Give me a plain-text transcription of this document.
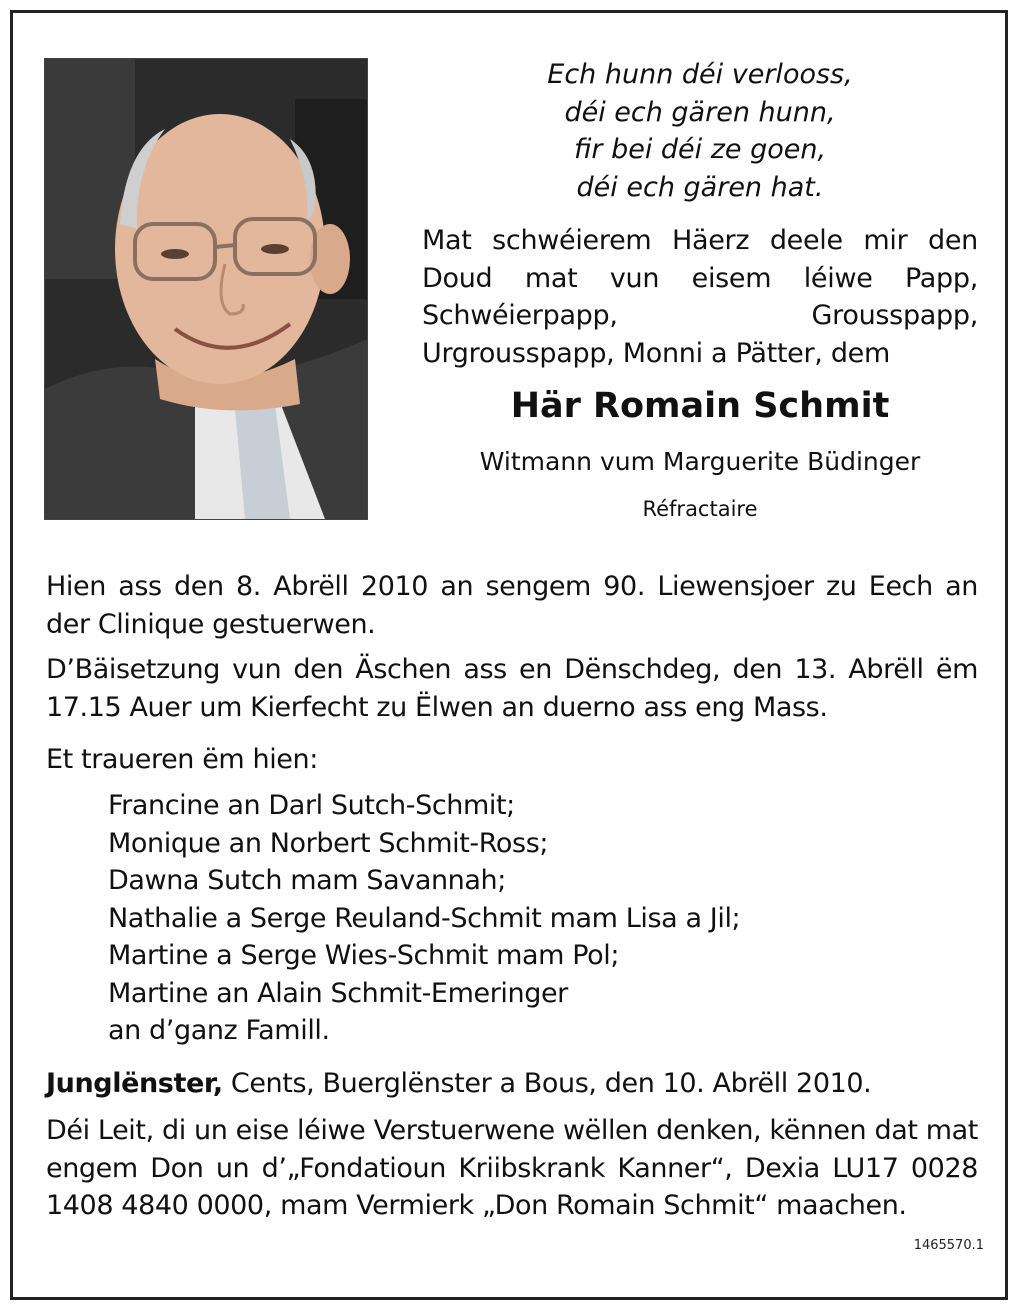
Ech hunn déi verlooss,
déi ech gären hunn,
fir bei déi ze goen,
déi ech gären hat.
Mat schwéierem Häerz deele mir den Doud mat vun eisem léiwe Papp, Schwéierpapp, Grousspapp, Urgrousspapp, Monni a Pätter, dem
Här Romain Schmit
Witmann vum Marguerite Büdinger
Réfractaire
Hien ass den 8. Abrëll 2010 an sengem 90. Liewensjoer zu Eech an der Clinique gestuerwen.
D’Bäisetzung vun den Äschen ass en Dënschdeg, den 13. Abrëll ëm 17.15 Auer um Kierfecht zu Ëlwen an duerno ass eng Mass.
Et traueren ëm hien:
Francine an Darl Sutch-Schmit;
Monique an Norbert Schmit-Ross;
Dawna Sutch mam Savannah;
Nathalie a Serge Reuland-Schmit mam Lisa a Jil;
Martine a Serge Wies-Schmit mam Pol;
Martine an Alain Schmit-Emeringer
an d’ganz Famill.
Junglënster, Cents, Buerglënster a Bous, den 10. Abrëll 2010.
Déi Leit, di un eise léiwe Verstuerwene wëllen denken, kënnen dat mat engem Don un d’„Fondatioun Kriibskrank Kanner“, Dexia LU17 0028 1408 4840 0000, mam Vermierk „Don Romain Schmit“ maachen.
1465570.1
